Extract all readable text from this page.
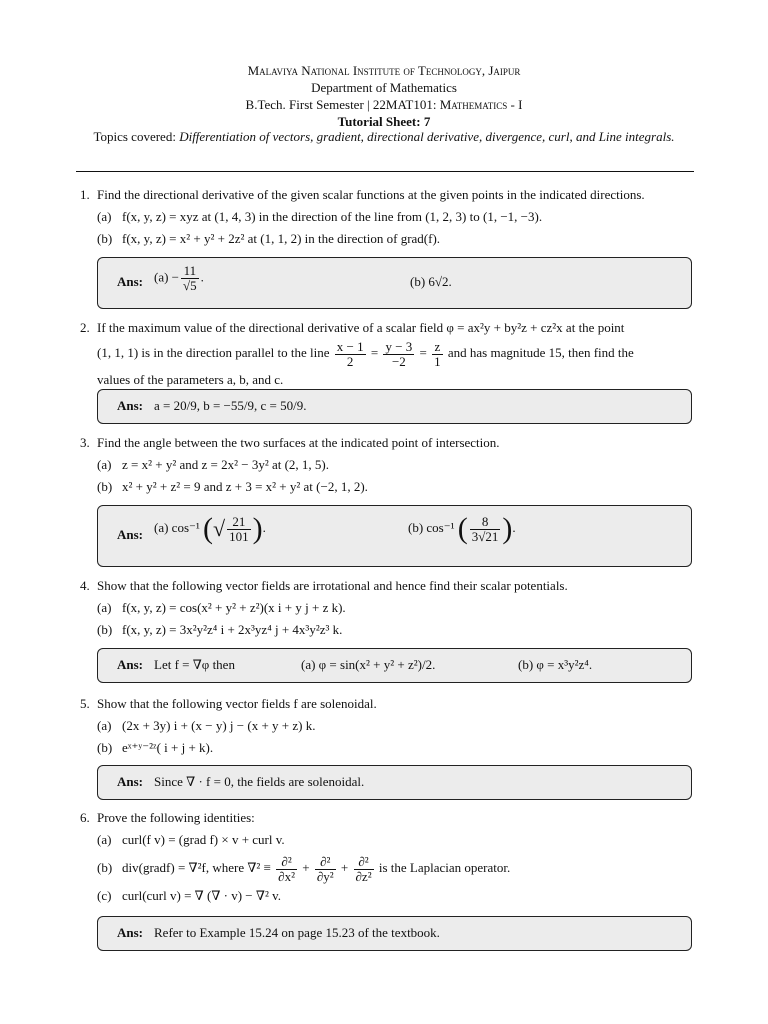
Malaviya National Institute of Technology, Jaipur
Department of Mathematics
B.Tech. First Semester | 22MAT101: Mathematics - I
Tutorial Sheet: 7
Topics covered: Differentiation of vectors, gradient, directional derivative, divergence, curl, and Line integrals.
1. Find the directional derivative of the given scalar functions at the given points in the indicated directions.
(a) f(x, y, z) = xyz at (1, 4, 3) in the direction of the line from (1, 2, 3) to (1, −1, −3).
(b) f(x, y, z) = x² + y² + 2z² at (1, 1, 2) in the direction of grad(f).
Ans: $(a) - \frac{11}{√5}$ .	(b) 6√2.
2. If the maximum value of the directional derivative of a scalar field φ = ax²y + by²z + cz²x at the point
(1, 1, 1) is in the direction parallel to the line $\frac{x - 1}{2} = \frac{y - 3}{-2} = \frac{z}{1}$ and has magnitude 15, then find the
values of the parameters a, b, and c.
Ans: a = 20/9, b = −55/9, c = 50/9.
3. Find the angle between the two surfaces at the indicated point of intersection.
(a) z = x² + y² and z = 2x² − 3y² at (2, 1, 5).
(b) x² + y² + z² = 9 and z + 3 = x² + y² at (−2, 1, 2).
Ans: (a) cos⁻¹ (√ $\frac{21}{101}$ ).	(b) cos⁻¹ ( $\frac{8}{3√21}$ ).
4. Show that the following vector fields are irrotational and hence find their scalar potentials.
(a) f(x, y, z) = cos(x² + y² + z²)(x i + y j + z k).
(b) f(x, y, z) = 3x²y²z⁴ i + 2x³yz⁴ j + 4x³y²z³ k.
Ans: Let f = ∇φ then	(a) φ = sin(x² + y² + z²)/2.	(b) φ = x³y²z⁴.
5. Show that the following vector fields f are solenoidal.
(a) (2x + 3y) i + (x − y) j − (x + y + z) k.
(b) eˣ⁺ʸ⁻²ᶻ( i + j + k).
Ans: Since ∇ · f = 0, the fields are solenoidal.
6. Prove the following identities:
(a) curl(f v) = (grad f) × v + curl v.
(b) div(gradf) = ∇²f, where $\nabla^2 \equiv \frac{\text{∂²}}{\text{∂x²}} + \frac{\text{∂²}}{\text{∂y²}} + \frac{\text{∂²}}{\text{∂z²}}$ is the Laplacian operator.
(c) curl(curl v) = ∇ (∇ · v) − ∇² v.
Ans: Refer to Example 15.24 on page 15.23 of the textbook.
